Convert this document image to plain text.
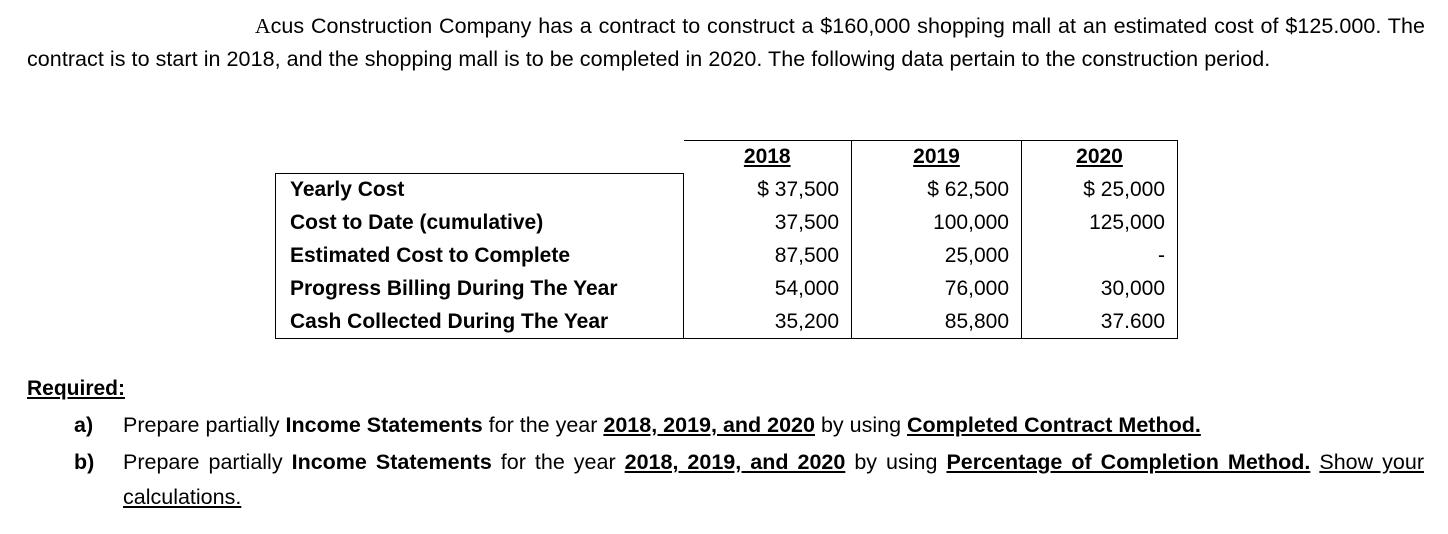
Acus Construction Company has a contract to construct a $160,000 shopping mall at an estimated cost of $125.000. The contract is to start in 2018, and the shopping mall is to be completed in 2020. The following data pertain to the construction period.
	2018	2019	2020
Yearly Cost	$ 37,500	$ 62,500	$ 25,000
Cost to Date (cumulative)	37,500	100,000	125,000
Estimated Cost to Complete	87,500	25,000	-
Progress Billing During The Year	54,000	76,000	30,000
Cash Collected During The Year	35,200	85,800	37.600
Required:
a) Prepare partially Income Statements for the year 2018, 2019, and 2020 by using Completed Contract Method.
b) Prepare partially Income Statements for the year 2018, 2019, and 2020 by using Percentage of Completion Method. Show your calculations.
